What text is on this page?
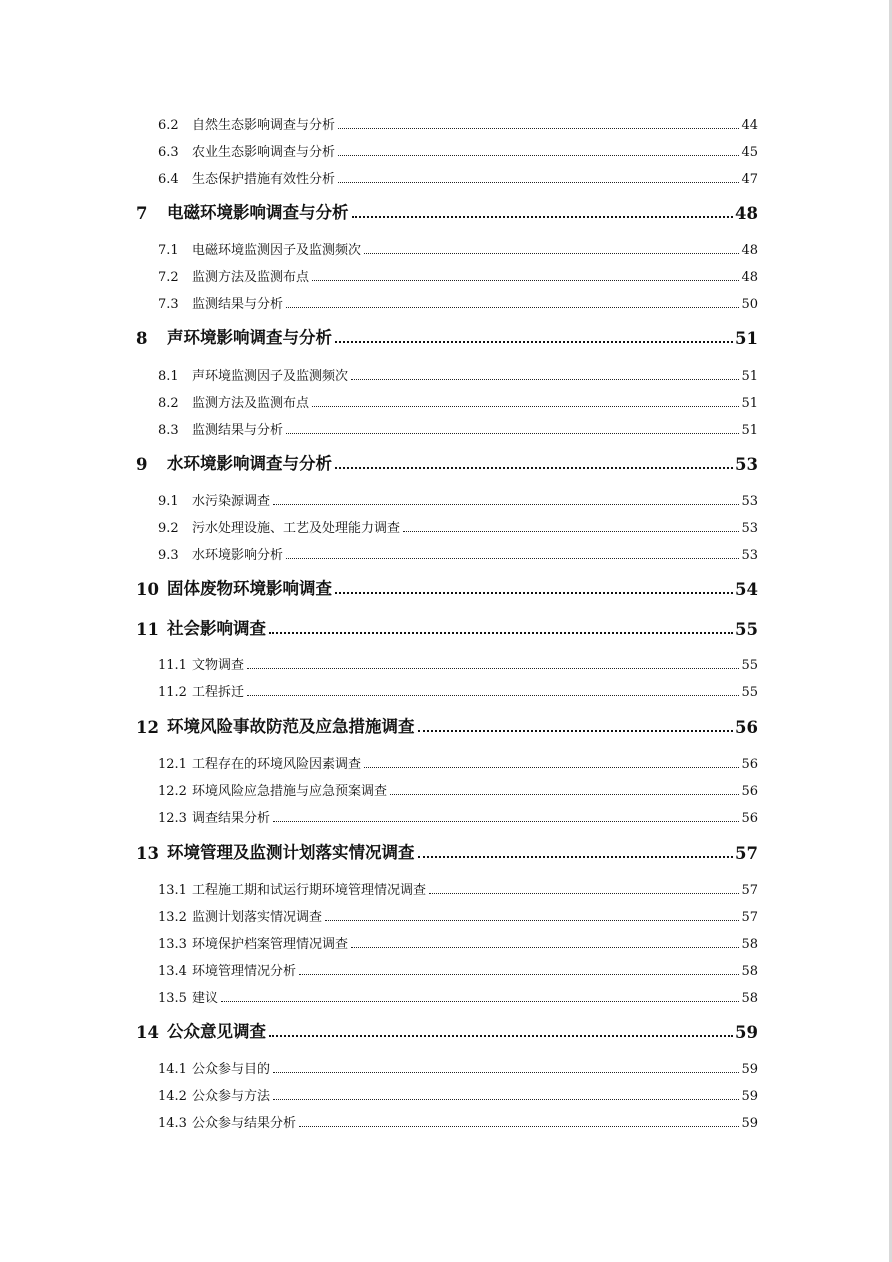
6.2	自然生态影响调查与分析	44
6.3	农业生态影响调查与分析	45
6.4	生态保护措施有效性分析	47
7	电磁环境影响调查与分析	48
7.1	电磁环境监测因子及监测频次	48
7.2	监测方法及监测布点	48
7.3	监测结果与分析	50
8	声环境影响调查与分析	51
8.1	声环境监测因子及监测频次	51
8.2	监测方法及监测布点	51
8.3	监测结果与分析	51
9	水环境影响调查与分析	53
9.1	水污染源调查	53
9.2	污水处理设施、工艺及处理能力调查	53
9.3	水环境影响分析	53
10 固体废物环境影响调查	54
11 社会影响调查	55
11.1 文物调查	55
11.2 工程拆迁	55
12 环境风险事故防范及应急措施调查	56
12.1 工程存在的环境风险因素调查	56
12.2 环境风险应急措施与应急预案调查	56
12.3 调查结果分析	56
13 环境管理及监测计划落实情况调查	57
13.1 工程施工期和试运行期环境管理情况调查	57
13.2 监测计划落实情况调查	57
13.3 环境保护档案管理情况调查	58
13.4 环境管理情况分析	58
13.5 建议	58
14 公众意见调查	59
14.1 公众参与目的	59
14.2 公众参与方法	59
14.3 公众参与结果分析	59
